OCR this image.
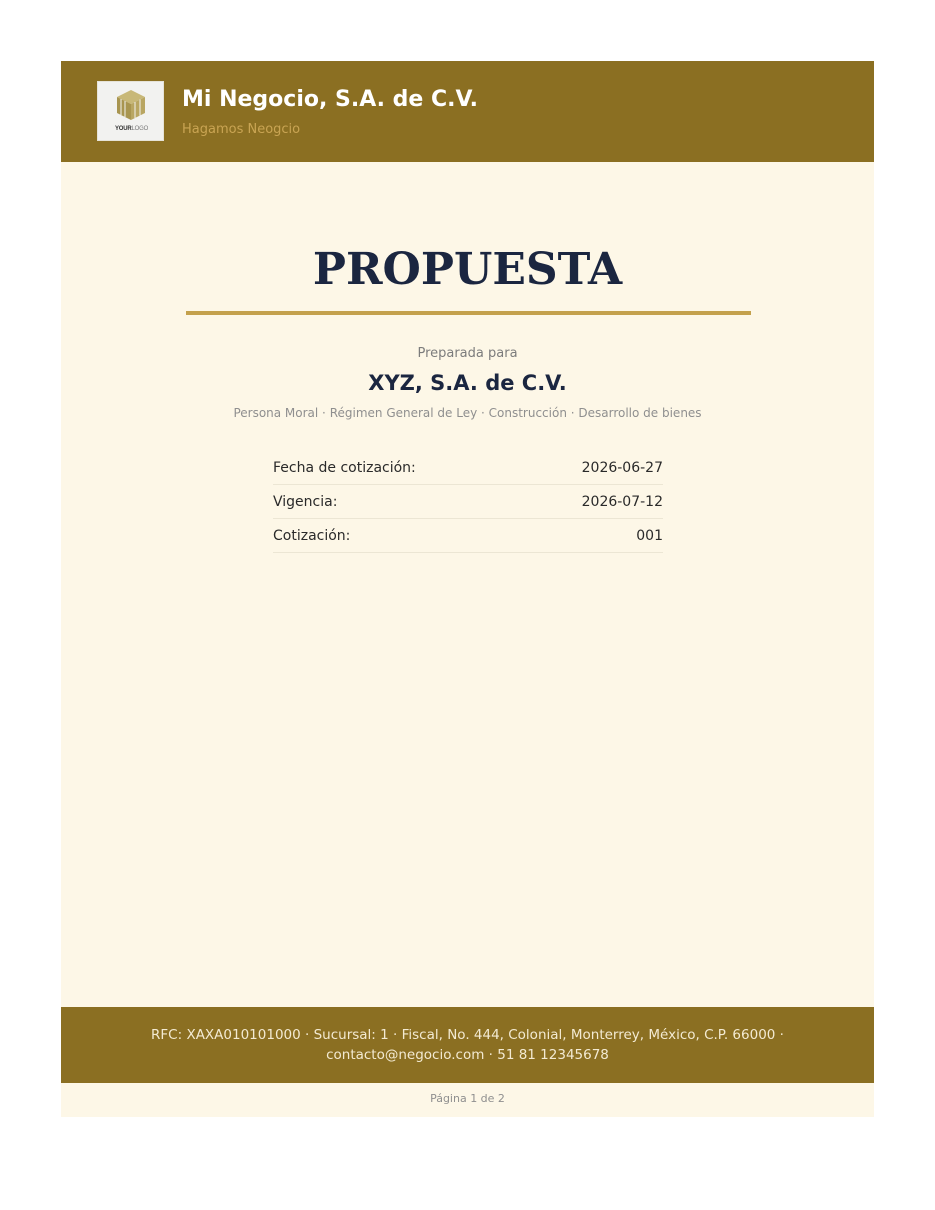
YOURLOGO
Mi Negocio, S.A. de C.V.
Hagamos Neogcio
PROPUESTA
Preparada para
XYZ, S.A. de C.V.
Persona Moral · Régimen General de Ley · Construcción · Desarrollo de bienes
Fecha de cotización:	2026-06-27
Vigencia:	2026-07-12
Cotización:	001
RFC: XAXA010101000 · Sucursal: 1 · Fiscal, No. 444, Colonial, Monterrey, México, C.P. 66000 · contacto@negocio.com · 51 81 12345678
Página 1 de 2
